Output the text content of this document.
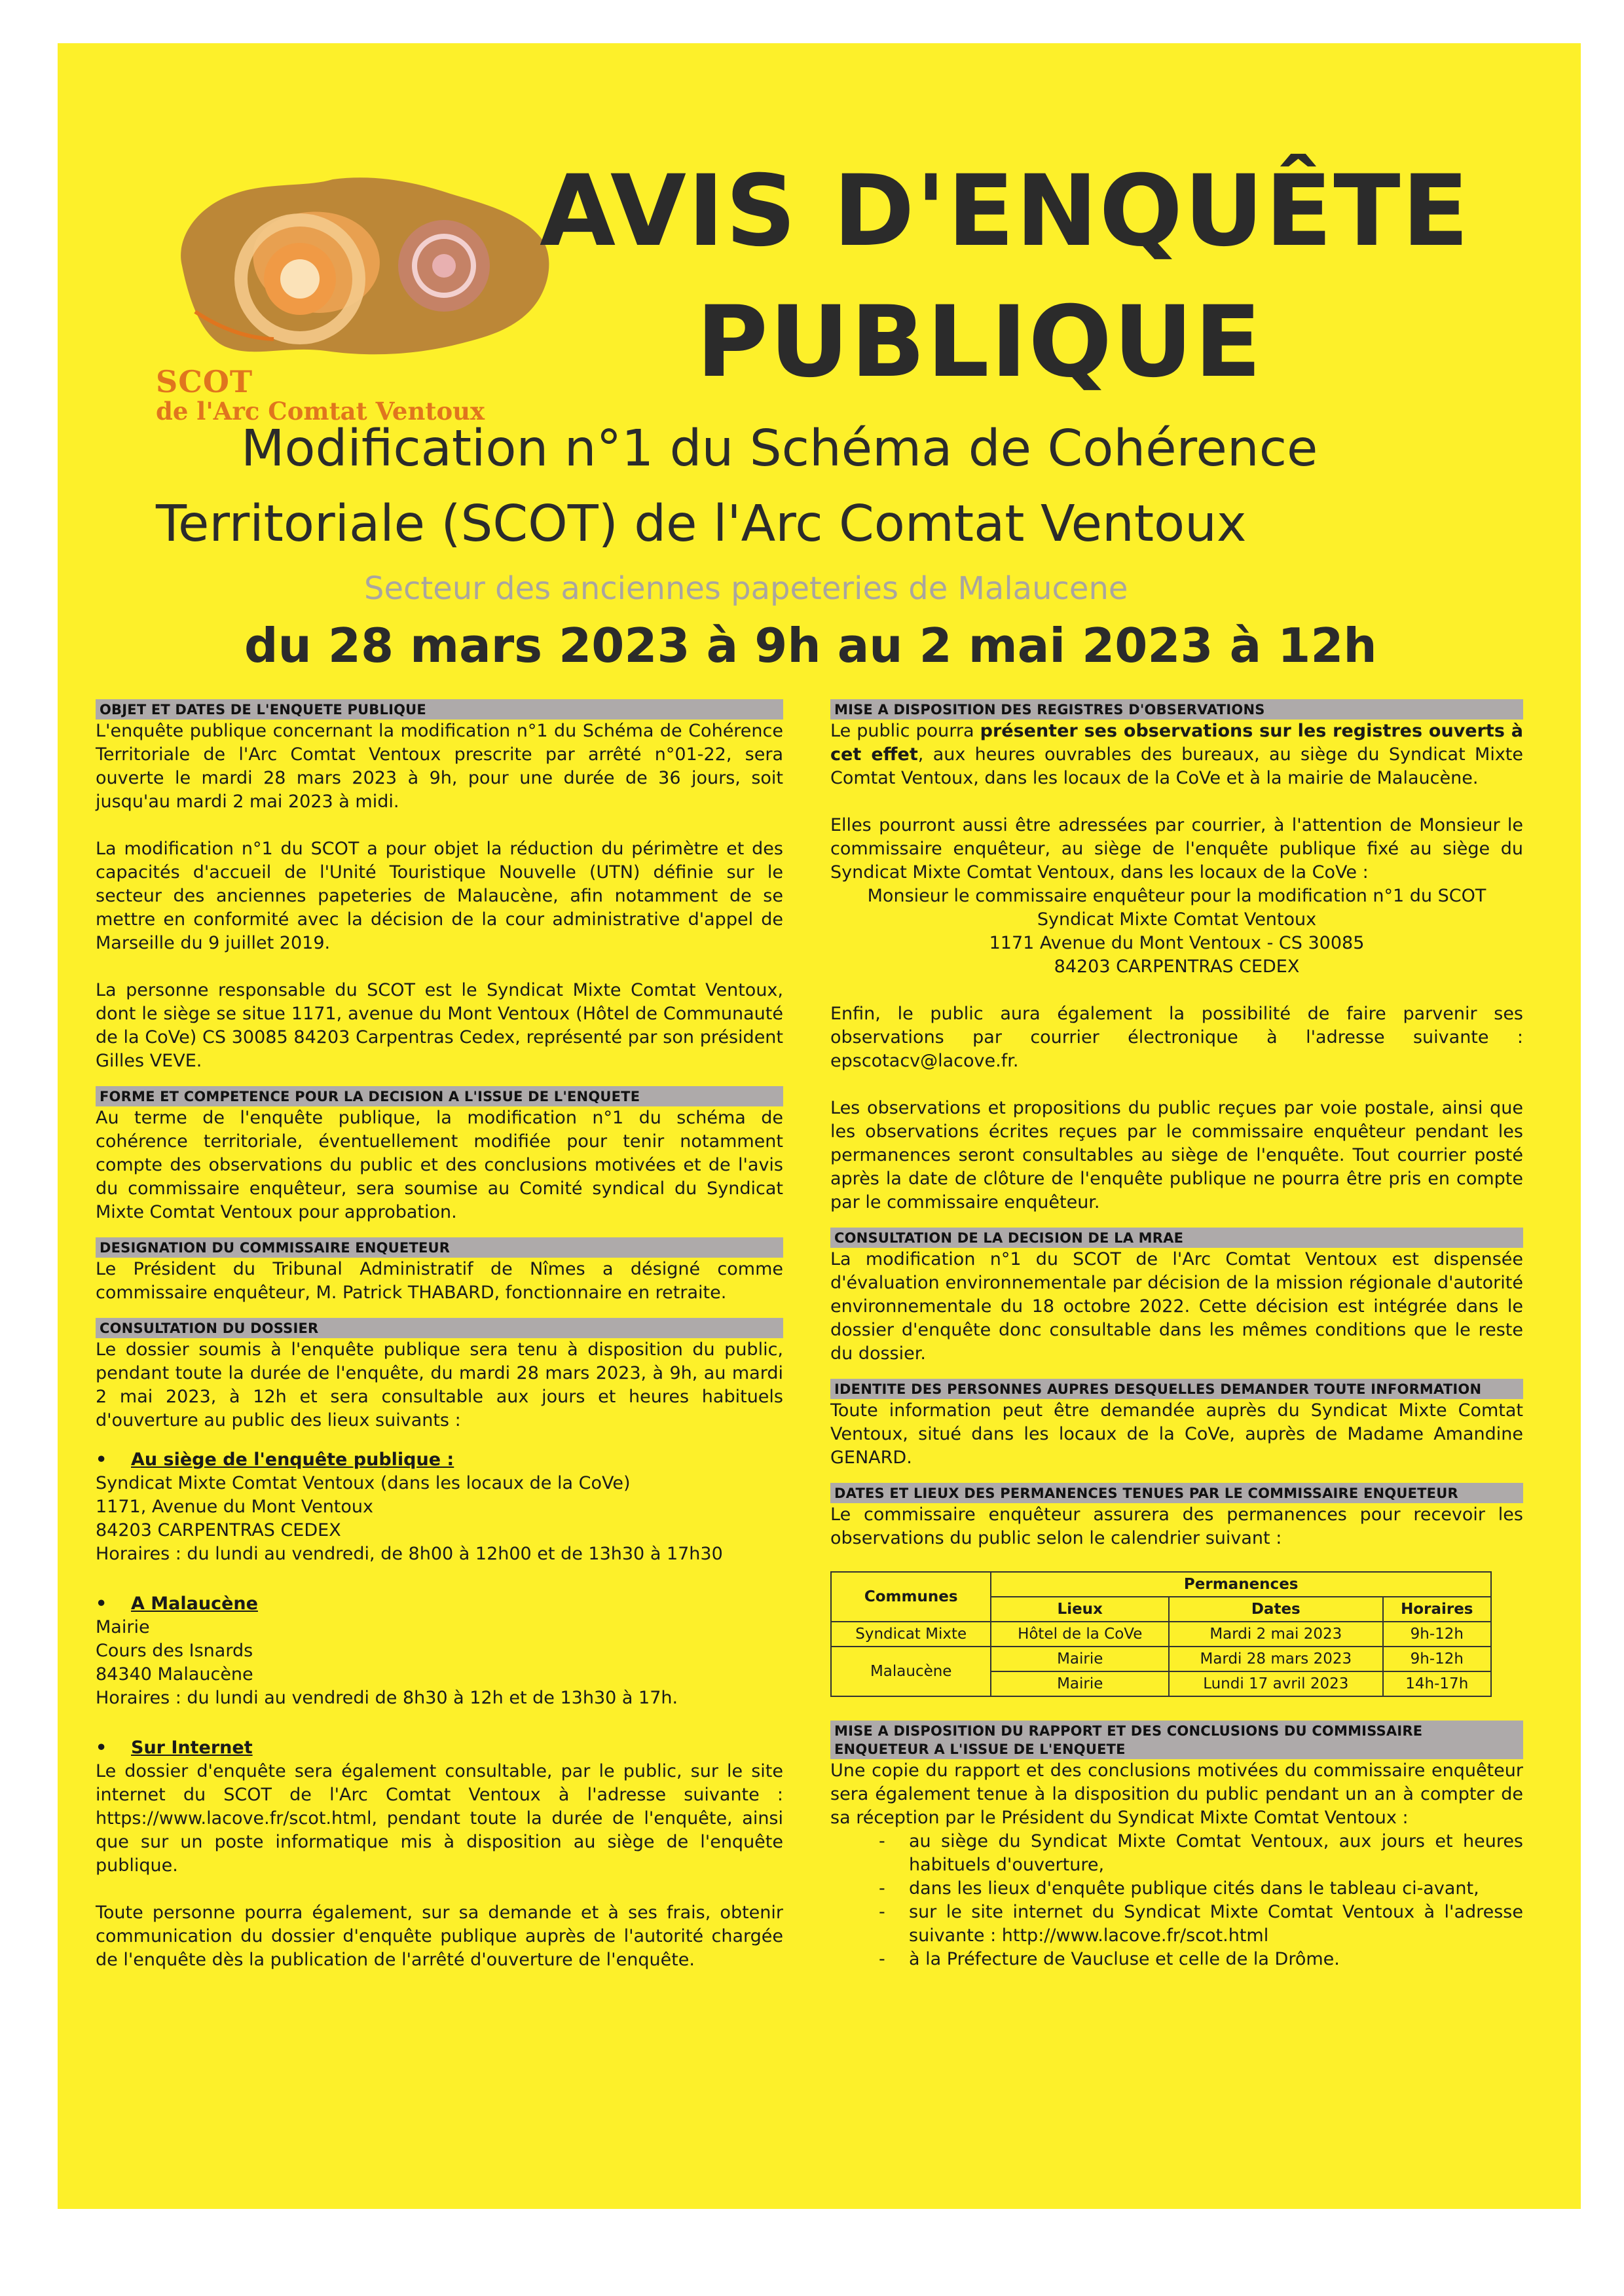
SCOT
de l'Arc Comtat Ventoux
AVIS D'ENQUÊTE
PUBLIQUE
Modification n°1 du Schéma de Cohérence
Territoriale (SCOT) de l'Arc Comtat Ventoux
Secteur des anciennes papeteries de Malaucene
du 28 mars 2023 à 9h au 2 mai 2023 à 12h
OBJET ET DATES DE L'ENQUETE PUBLIQUE

L'enquête publique concernant la modification n°1 du Schéma de Cohérence Territoriale de l'Arc Comtat Ventoux prescrite par arrêté n°01-22, sera ouverte le mardi 28 mars 2023 à 9h, pour une durée de 36 jours, soit jusqu'au mardi 2 mai 2023 à midi.

La modification n°1 du SCOT a pour objet la réduction du périmètre et des capacités d'accueil de l'Unité Touristique Nouvelle (UTN) définie sur le secteur des anciennes papeteries de Malaucène, afin notamment de se mettre en conformité avec la décision de la cour administrative d'appel de Marseille du 9 juillet 2019.

La personne responsable du SCOT est le Syndicat Mixte Comtat Ventoux, dont le siège se situe 1171, avenue du Mont Ventoux (Hôtel de Communauté de la CoVe) CS 30085 84203 Carpentras Cedex, représenté par son président Gilles VEVE.

FORME ET COMPETENCE POUR LA DECISION A L'ISSUE DE L'ENQUETE

Au terme de l'enquête publique, la modification n°1 du schéma de cohérence territoriale, éventuellement modifiée pour tenir notamment compte des observations du public et des conclusions motivées et de l'avis du commissaire enquêteur, sera soumise au Comité syndical du Syndicat Mixte Comtat Ventoux pour approbation.

DESIGNATION DU COMMISSAIRE ENQUETEUR

Le Président du Tribunal Administratif de Nîmes a désigné comme commissaire enquêteur, M. Patrick THABARD, fonctionnaire en retraite.

CONSULTATION DU DOSSIER

Le dossier soumis à l'enquête publique sera tenu à disposition du public, pendant toute la durée de l'enquête, du mardi 28 mars 2023, à 9h, au mardi 2 mai 2023, à 12h et sera consultable aux jours et heures habituels d'ouverture au public des lieux suivants :

• Au siège de l'enquête publique :

Syndicat Mixte Comtat Ventoux (dans les locaux de la CoVe)

1171, Avenue du Mont Ventoux

84203 CARPENTRAS CEDEX

Horaires : du lundi au vendredi, de 8h00 à 12h00 et de 13h30 à 17h30

• A Malaucène

Mairie

Cours des Isnards

84340 Malaucène

Horaires : du lundi au vendredi de 8h30 à 12h et de 13h30 à 17h.

• Sur Internet

Le dossier d'enquête sera également consultable, par le public, sur le site internet du SCOT de l'Arc Comtat Ventoux à l'adresse suivante : https://www.lacove.fr/scot.html, pendant toute la durée de l'enquête, ainsi que sur un poste informatique mis à disposition au siège de l'enquête publique.

Toute personne pourra également, sur sa demande et à ses frais, obtenir communication du dossier d'enquête publique auprès de l'autorité chargée de l'enquête dès la publication de l'arrêté d'ouverture de l'enquête.

MISE A DISPOSITION DES REGISTRES D'OBSERVATIONS

Le public pourra présenter ses observations sur les registres ouverts à cet effet, aux heures ouvrables des bureaux, au siège du Syndicat Mixte Comtat Ventoux, dans les locaux de la CoVe et à la mairie de Malaucène.

Elles pourront aussi être adressées par courrier, à l'attention de Monsieur le commissaire enquêteur, au siège de l'enquête publique fixé au siège du Syndicat Mixte Comtat Ventoux, dans les locaux de la CoVe :

Monsieur le commissaire enquêteur pour la modification n°1 du SCOT

Syndicat Mixte Comtat Ventoux

1171 Avenue du Mont Ventoux - CS 30085

84203 CARPENTRAS CEDEX

Enfin, le public aura également la possibilité de faire parvenir ses observations par courrier électronique à l'adresse suivante : epscotacv@lacove.fr.

Les observations et propositions du public reçues par voie postale, ainsi que les observations écrites reçues par le commissaire enquêteur pendant les permanences seront consultables au siège de l'enquête. Tout courrier posté après la date de clôture de l'enquête publique ne pourra être pris en compte par le commissaire enquêteur.

CONSULTATION DE LA DECISION DE LA MRAE

La modification n°1 du SCOT de l'Arc Comtat Ventoux est dispensée d'évaluation environnementale par décision de la mission régionale d'autorité environnementale du 18 octobre 2022. Cette décision est intégrée dans le dossier d'enquête donc consultable dans les mêmes conditions que le reste du dossier.

IDENTITE DES PERSONNES AUPRES DESQUELLES DEMANDER TOUTE INFORMATION

Toute information peut être demandée auprès du Syndicat Mixte Comtat Ventoux, situé dans les locaux de la CoVe, auprès de Madame Amandine GENARD.

DATES ET LIEUX DES PERMANENCES TENUES PAR LE COMMISSAIRE ENQUETEUR

Le commissaire enquêteur assurera des permanences pour recevoir les observations du public selon le calendrier suivant :

Communes	Permanences		
	Lieux	Dates	Horaires
Syndicat Mixte	Hôtel de la CoVe	Mardi 2 mai 2023	9h-12h
Malaucène	Mairie	Mardi 28 mars 2023	9h-12h
	Mairie	Lundi 17 avril 2023	14h-17h
MISE A DISPOSITION DU RAPPORT ET DES CONCLUSIONS DU COMMISSAIRE ENQUETEUR A L'ISSUE DE L'ENQUETE

Une copie du rapport et des conclusions motivées du commissaire enquêteur sera également tenue à la disposition du public pendant un an à compter de sa réception par le Président du Syndicat Mixte Comtat Ventoux :

- au siège du Syndicat Mixte Comtat Ventoux, aux jours et heures habituels d'ouverture,
- dans les lieux d'enquête publique cités dans le tableau ci-avant,
- sur le site internet du Syndicat Mixte Comtat Ventoux à l'adresse suivante : http://www.lacove.fr/scot.html
- à la Préfecture de Vaucluse et celle de la Drôme.
